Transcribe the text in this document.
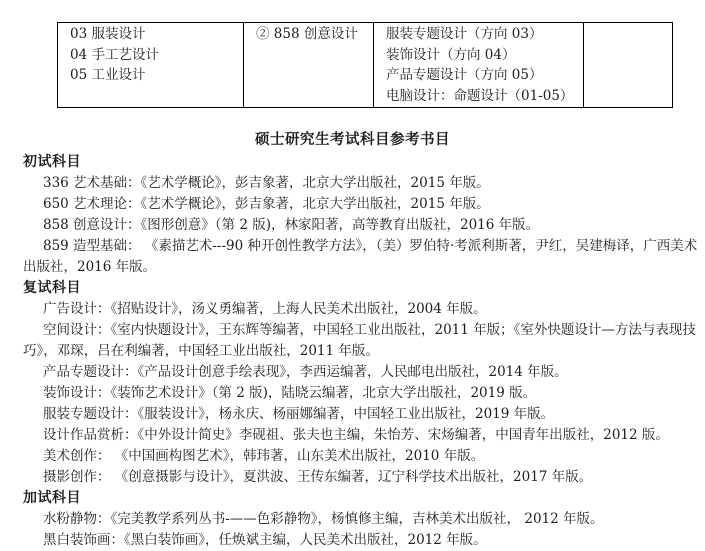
03 服装设计
04 手工艺设计
05 工业设计

② 858 创意设计	服装专题设计（方向 03）
装饰设计（方向 04）
产品专题设计（方向 05）
电脑设计：命题设计（01-05）

硕士研究生考试科目参考书目
初试科目

336 艺术基础：《艺术学概论》，彭吉象著，北京大学出版社，2015 年版。

650 艺术理论：《艺术学概论》，彭吉象著，北京大学出版社，2015 年版。

858 创意设计：《图形创意》（第 2 版)，林家阳著，高等教育出版社，2016 年版。

859 造型基础： 《素描艺术---90 种开创性教学方法》，（美）罗伯特·考派利斯著，尹红，吴建梅译，广西美术出版社，2016 年版。

复试科目

广告设计：《招贴设计》，汤义勇编著，上海人民美术出版社，2004 年版。

空间设计：《室内快题设计》，王东辉等编著，中国轻工业出版社，2011 年版；《室外快题设计—方法与表现技巧》，邓琛，吕在利编著，中国轻工业出版社，2011 年版。

产品专题设计：《产品设计创意手绘表现》，李西运编著，人民邮电出版社，2014 年版。

装饰设计：《装饰艺术设计》（第 2 版)，陆晓云编著，北京大学出版社，2019 版。

服装专题设计：《服装设计》，杨永庆、杨丽娜编著，中国轻工业出版社，2019 年版。

设计作品赏析：《中外设计简史》李砚祖、张夫也主编，朱怡芳、宋炀编著，中国青年出版社，2012 版。

美术创作： 《中国画构图艺术》，韩玮著，山东美术出版社，2010 年版。

摄影创作： 《创意摄影与设计》，夏洪波、王传东编著，辽宁科学技术出版社，2017 年版。

加试科目

水粉静物：《完美教学系列丛书-——色彩静物》，杨慎修主编，吉林美术出版社， 2012 年版。

黑白装饰画：《黑白装饰画》，任焕斌主编，人民美术出版社，2012 年版。
